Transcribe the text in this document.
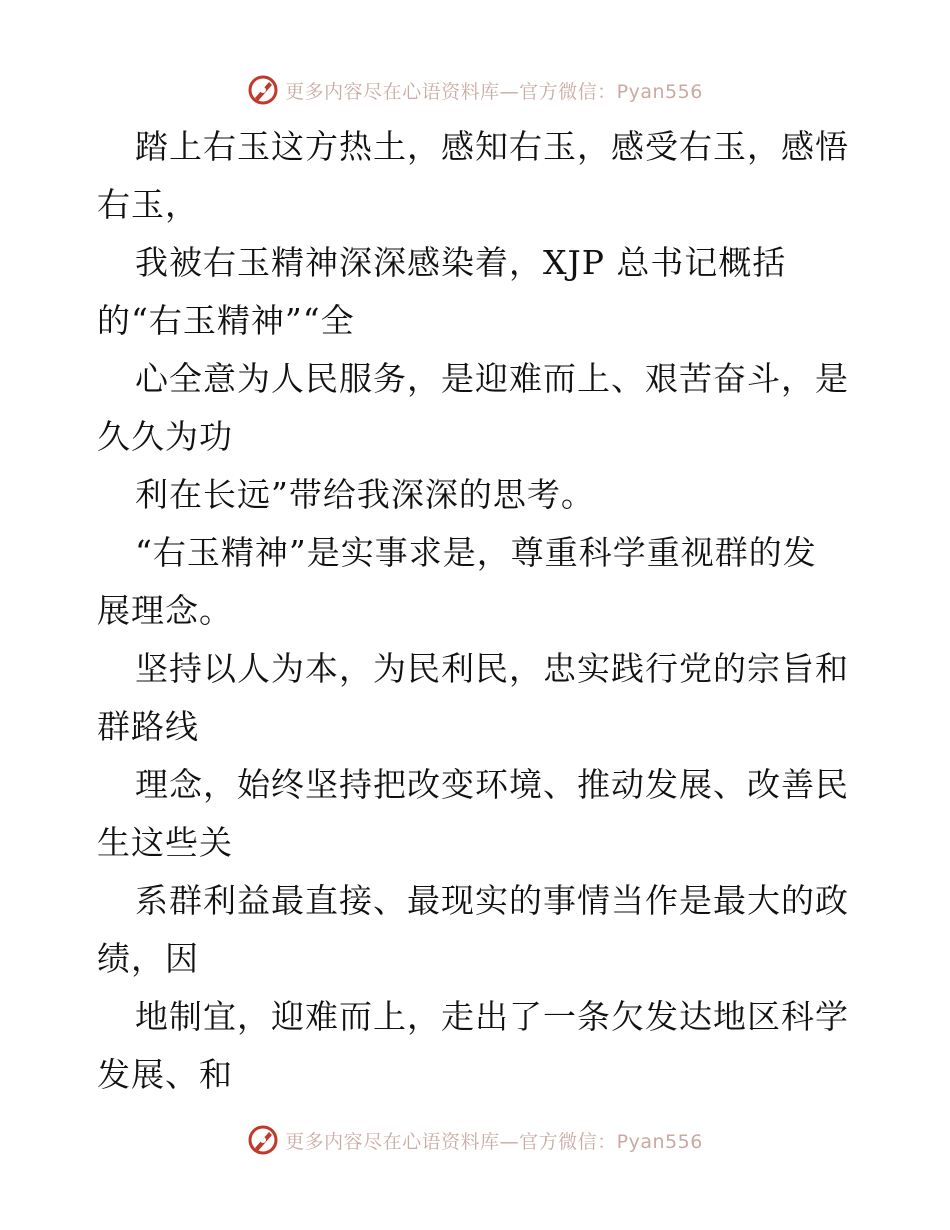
更多内容尽在心语资料库—官方微信：Pyan556
踏上右玉这方热土，感知右玉，感受右玉，感悟
右玉，
我被右玉精神深深感染着，XJP 总书记概括
的“右玉精神”“全
心全意为人民服务，是迎难而上、艰苦奋斗，是
久久为功
利在长远”带给我深深的思考。
“右玉精神”是实事求是，尊重科学重视群的发
展理念。
坚持以人为本，为民利民，忠实践行党的宗旨和
群路线
理念，始终坚持把改变环境、推动发展、改善民
生这些关
系群利益最直接、最现实的事情当作是最大的政
绩，因
地制宜，迎难而上，走出了一条欠发达地区科学
发展、和
更多内容尽在心语资料库—官方微信：Pyan556
